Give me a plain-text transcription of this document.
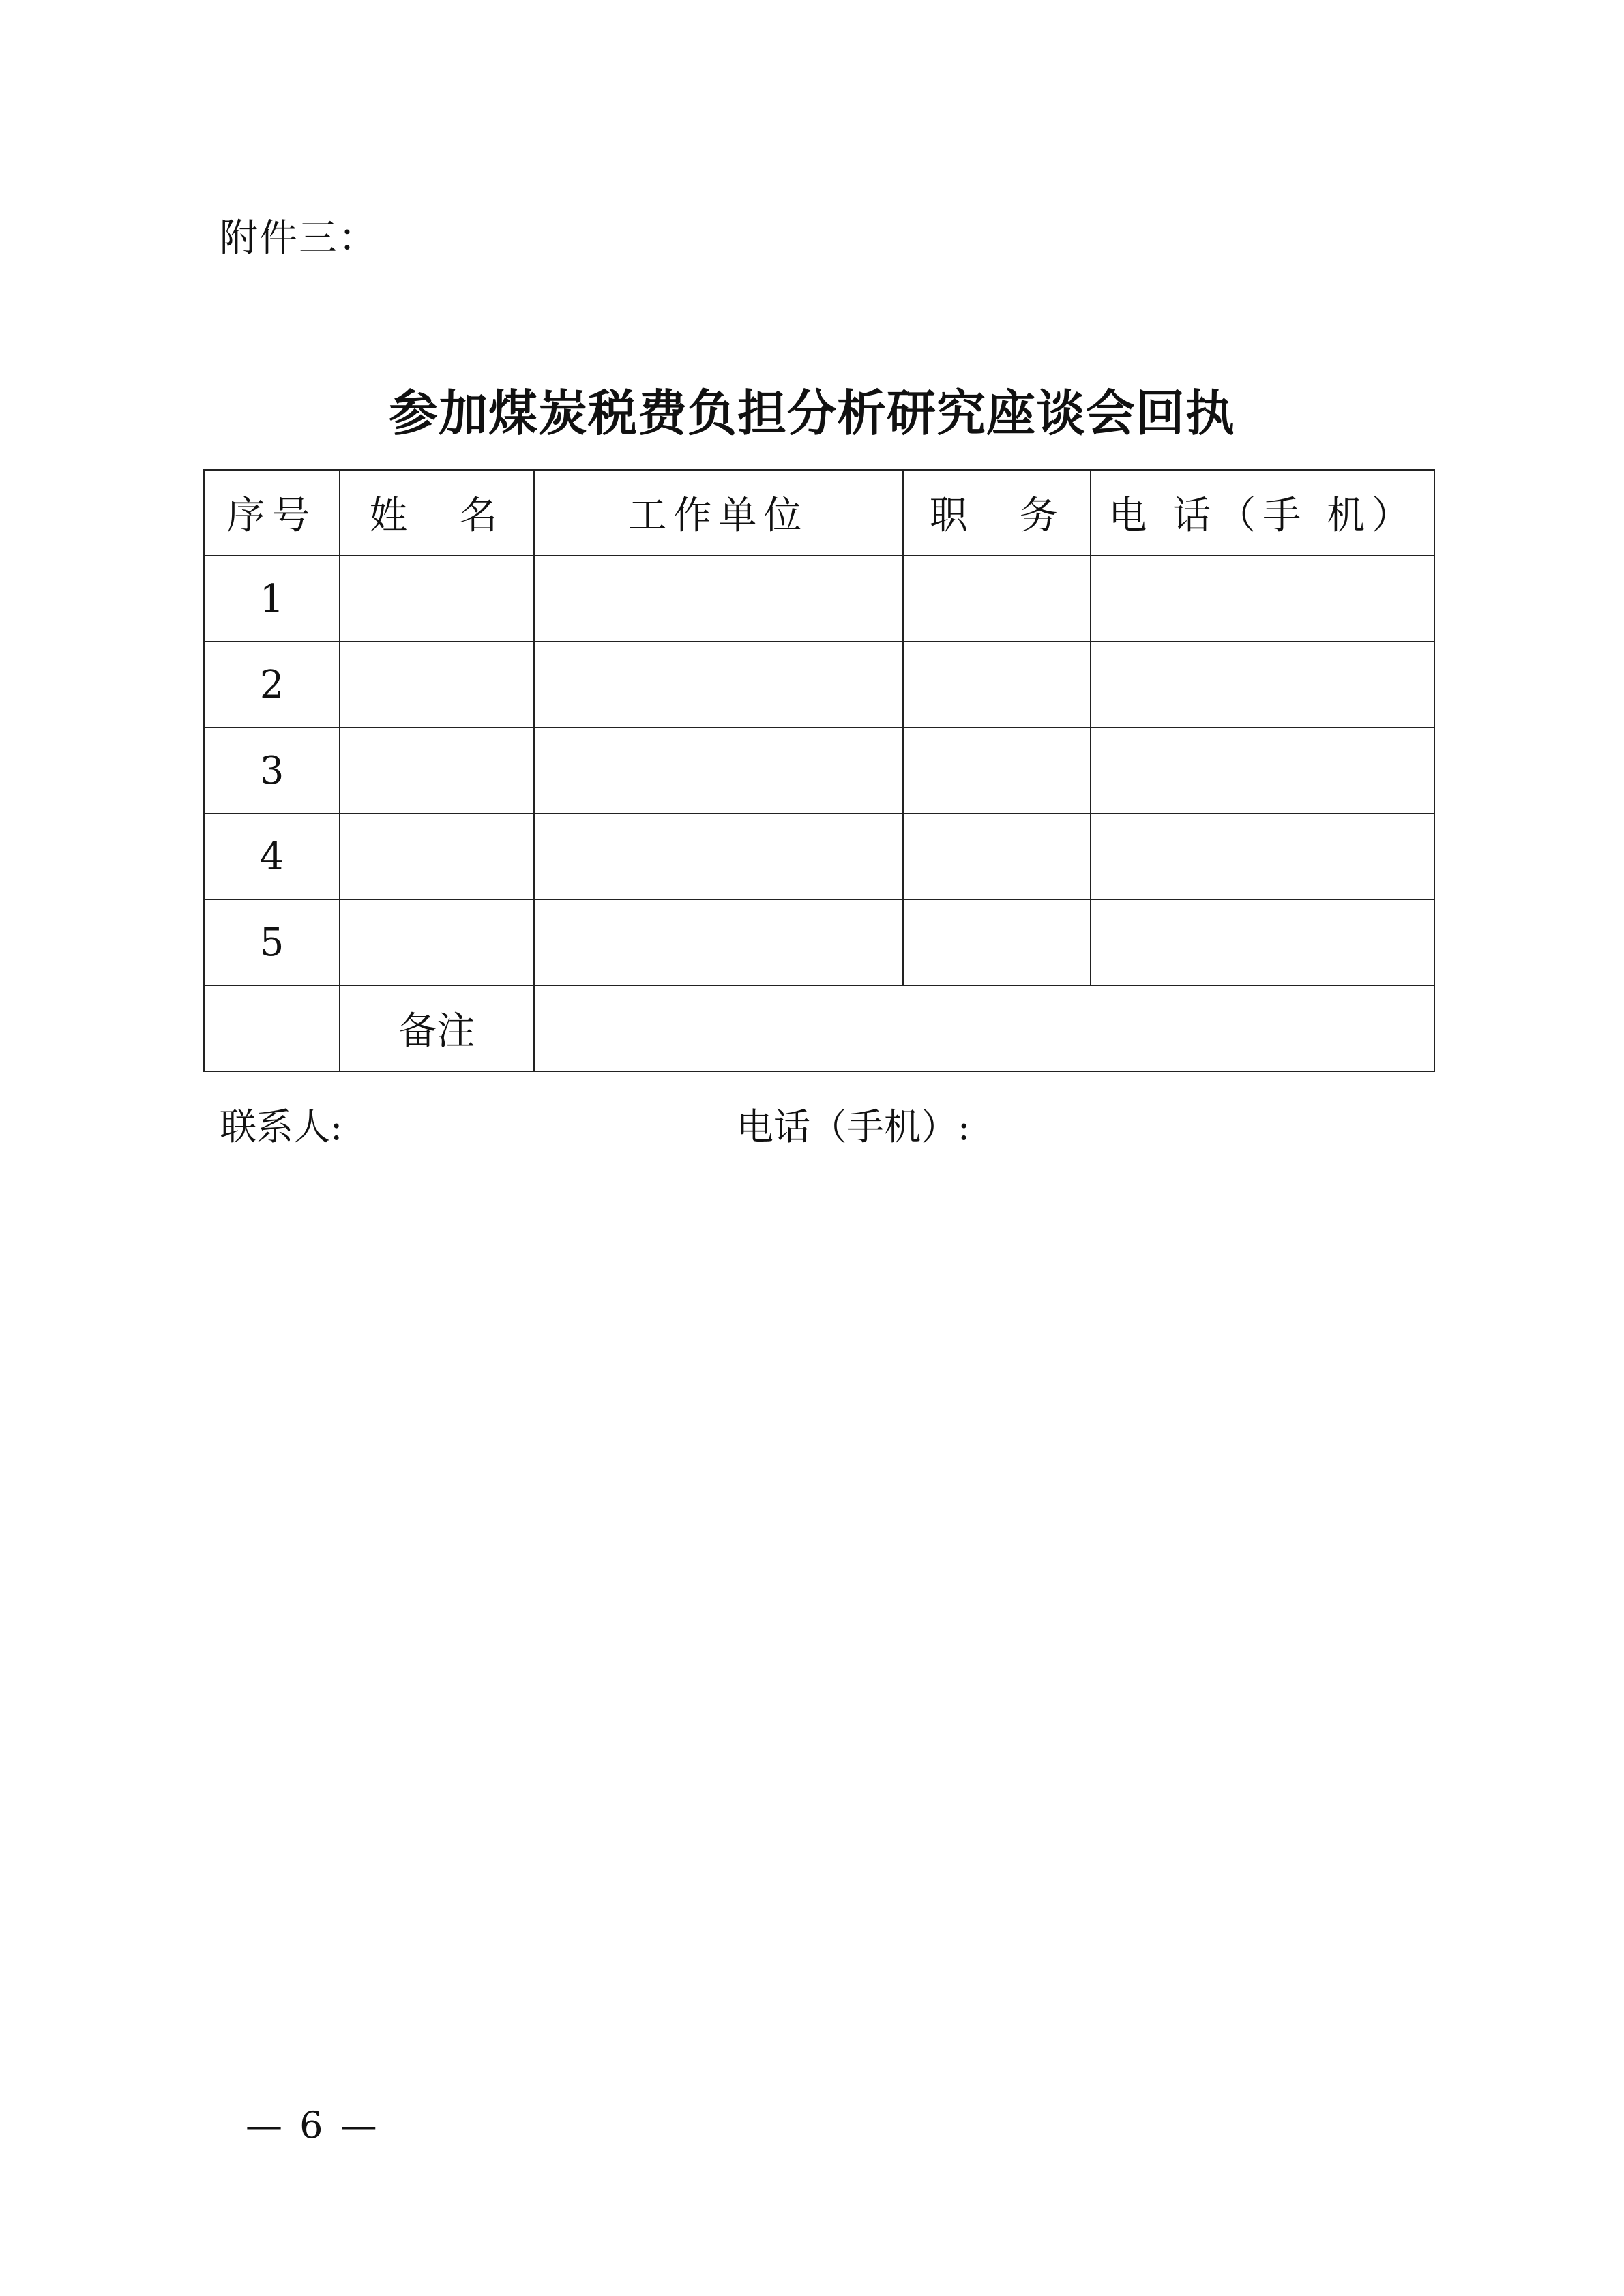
附件三：
参加煤炭税费负担分析研究座谈会回执
序号	姓　名	工作单位	职　务	电 话（手 机）
1				
2				
3				
4				
5				
	备注			
联系人:	电话（手机）:
— 6 —
